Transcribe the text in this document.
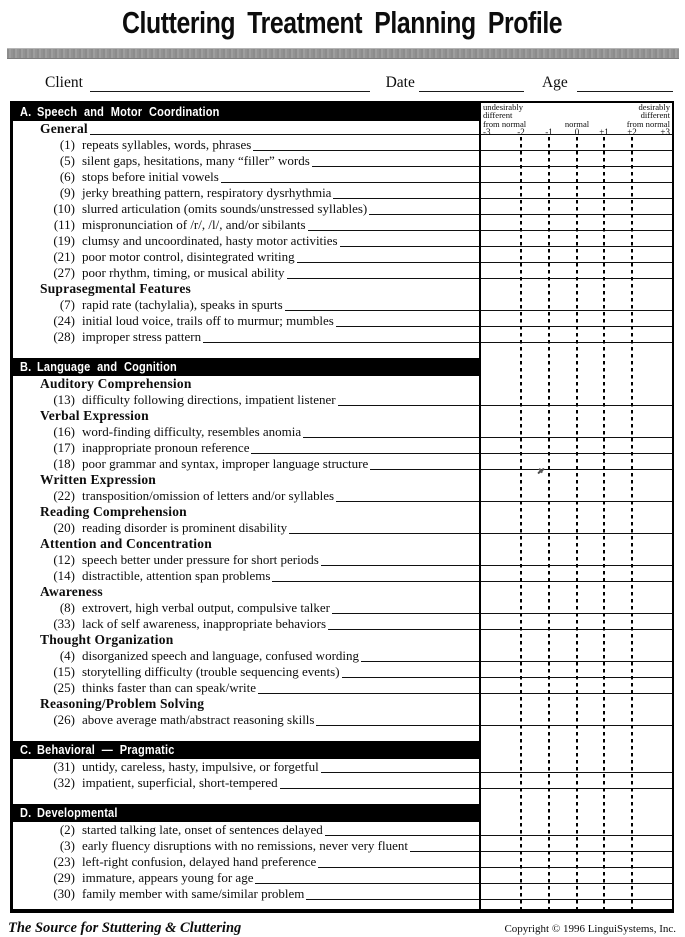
Cluttering Treatment Planning Profile
Client	Date	Age
A. Speech and Motor Coordination
General
(1) repeats syllables, words, phrases
(5) silent gaps, hesitations, many “filler” words
(6) stops before initial vowels
(9) jerky breathing pattern, respiratory dysrhythmia
(10) slurred articulation (omits sounds/unstressed syllables)
(11) mispronunciation of /r/, /l/, and/or sibilants
(19) clumsy and uncoordinated, hasty motor activities
(21) poor motor control, disintegrated writing
(27) poor rhythm, timing, or musical ability
Suprasegmental Features
(7) rapid rate (tachylalia), speaks in spurts
(24) initial loud voice, trails off to murmur; mumbles
(28) improper stress pattern
B. Language and Cognition
Auditory Comprehension
(13) difficulty following directions, impatient listener
Verbal Expression
(16) word-finding difficulty, resembles anomia
(17) inappropriate pronoun reference
(18) poor grammar and syntax, improper language structure
Written Expression
(22) transposition/omission of letters and/or syllables
Reading Comprehension
(20) reading disorder is prominent disability
Attention and Concentration
(12) speech better under pressure for short periods
(14) distractible, attention span problems
Awareness
(8) extrovert, high verbal output, compulsive talker
(33) lack of self awareness, inappropriate behaviors
Thought Organization
(4) disorganized speech and language, confused wording
(15) storytelling difficulty (trouble sequencing events)
(25) thinks faster than can speak/write
Reasoning/Problem Solving
(26) above average math/abstract reasoning skills
C. Behavioral — Pragmatic
(31) untidy, careless, hasty, impulsive, or forgetful
(32) impatient, superficial, short-tempered
D. Developmental
(2) started talking late, onset of sentences delayed
(3) early fluency disruptions with no remissions, never very fluent
(23) left-right confusion, delayed hand preference
(29) immature, appears young for age
(30) family member with same/similar problem
undesirably	desirably
different	different
from normal	normal	from normal
-3	-2 -1 0 +1 +2	+3
The Source for Stuttering & Cluttering	Copyright © 1996 LinguiSystems, Inc.
